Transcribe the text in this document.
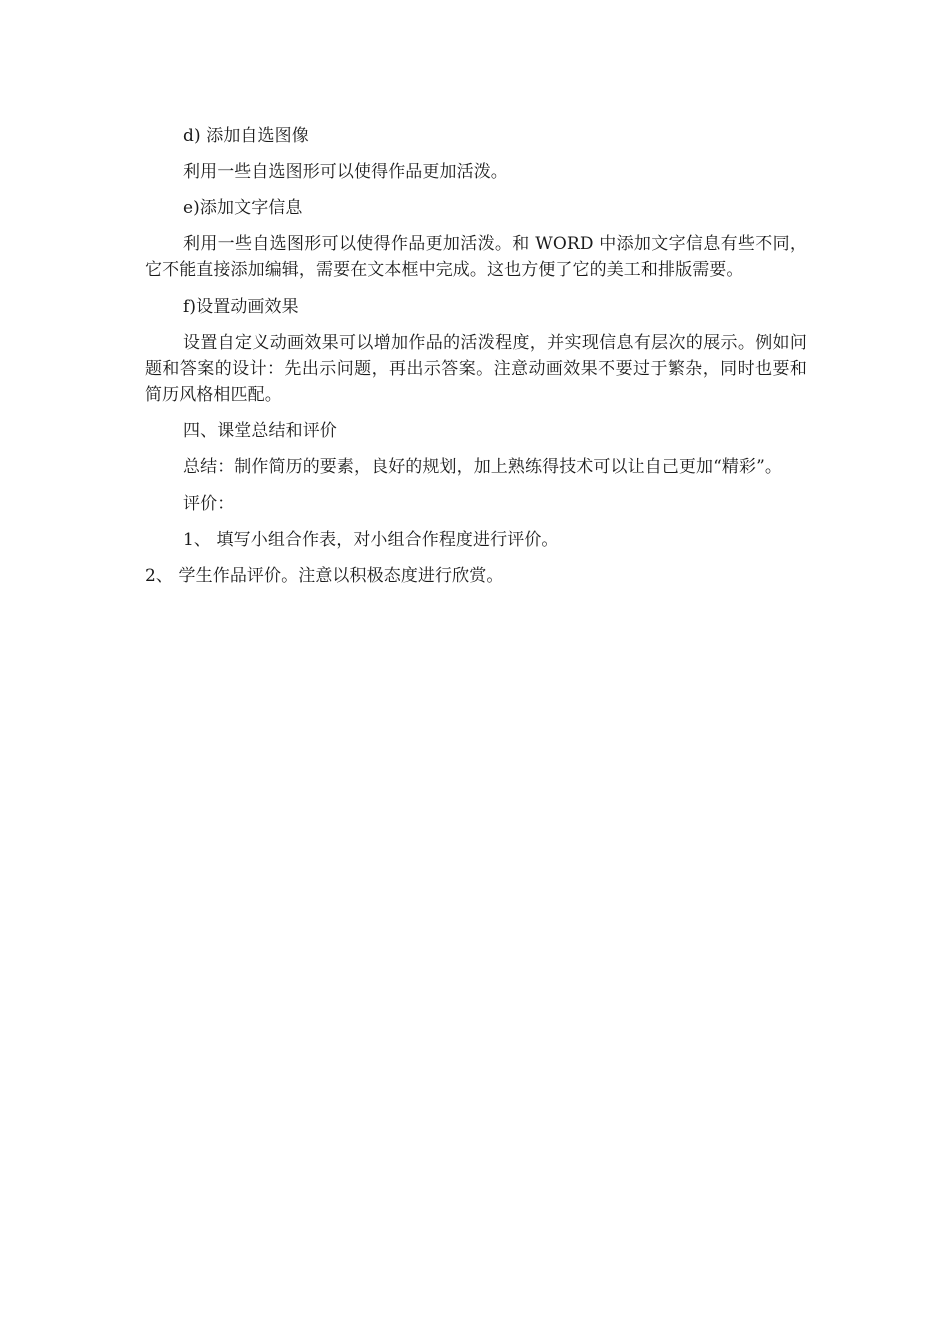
d) 添加自选图像

利用一些自选图形可以使得作品更加活泼。

e)添加文字信息

利用一些自选图形可以使得作品更加活泼。和 WORD 中添加文字信息有些不同，它不能直接添加编辑，需要在文本框中完成。这也方便了它的美工和排版需要。

f)设置动画效果

设置自定义动画效果可以增加作品的活泼程度，并实现信息有层次的展示。例如问题和答案的设计：先出示问题，再出示答案。注意动画效果不要过于繁杂，同时也要和简历风格相匹配。

四、课堂总结和评价

总结：制作简历的要素，良好的规划，加上熟练得技术可以让自己更加“精彩”。

评价：

1、 填写小组合作表，对小组合作程度进行评价。

2、 学生作品评价。注意以积极态度进行欣赏。
